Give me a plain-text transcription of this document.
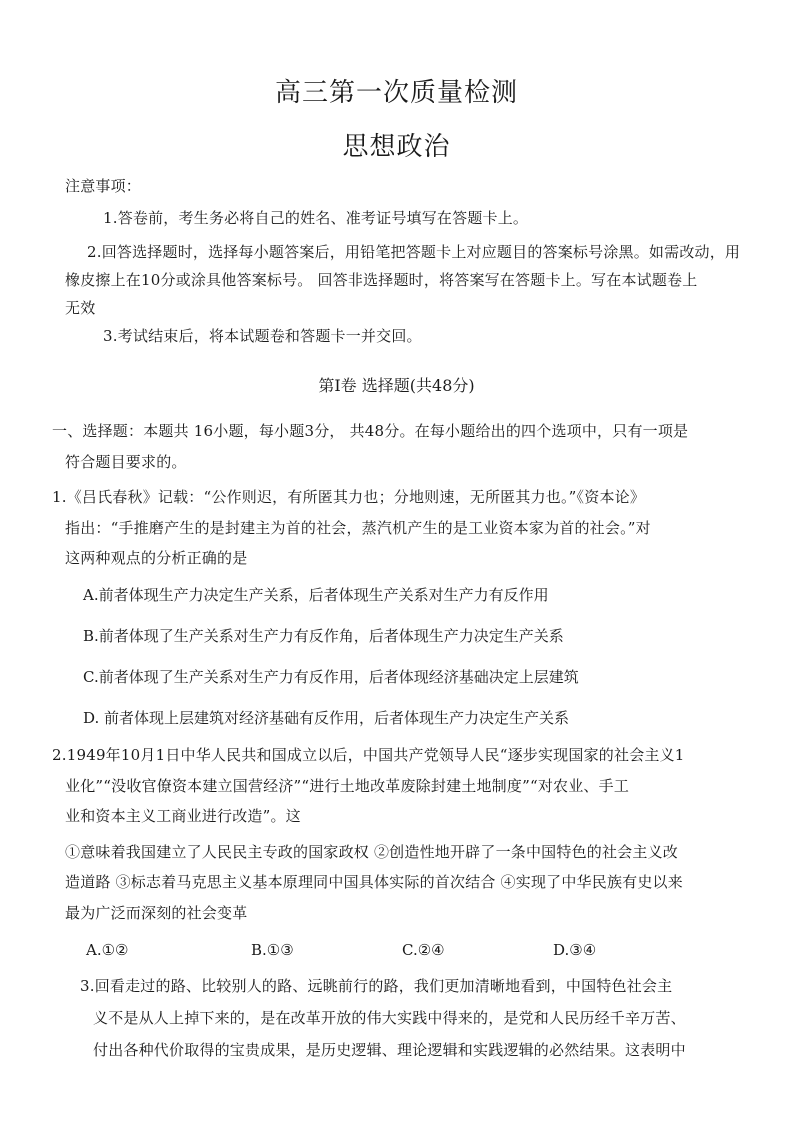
高三第一次质量检测
思想政治
注意事项：
1.答卷前，考生务必将自己的姓名、准考证号填写在答题卡上。
2.回答选择题时，选择每小题答案后，用铅笔把答题卡上对应题目的答案标号涂黑。如需改动，用
橡皮擦上在10分或涂具他答案标号。 回答非选择题时，将答案写在答题卡上。写在本试题卷上
无效
3.考试结束后，将本试题卷和答题卡一并交回。
第Ⅰ卷 选择题(共48分)
一、选择题：本题共 16小题，每小题3分， 共48分。在每小题给出的四个选项中，只有一项是
符合题目要求的。
1.《吕氏春秋》记载：“公作则迟，有所匿其力也；分地则速，无所匿其力也。”《资本论》
指出：“手推磨产生的是封建主为首的社会，蒸汽机产生的是工业资本家为首的社会。”对
这两种观点的分析正确的是
A.前者体现生产力决定生产关系，后者体现生产关系对生产力有反作用
B.前者体现了生产关系对生产力有反作角，后者体现生产力决定生产关系
C.前者体现了生产关系对生产力有反作用，后者体现经济基础决定上层建筑
D. 前者体现上层建筑对经济基础有反作用，后者体现生产力决定生产关系
2.1949年10月1日中华人民共和国成立以后，中国共产党领导人民“逐步实现国家的社会主义1
业化”“没收官僚资本建立国营经济”“进行土地改革废除封建土地制度”“对农业、手工
业和资本主义工商业进行改造”。这
①意味着我国建立了人民民主专政的国家政权 ②创造性地开辟了一条中国特色的社会主义改
造道路 ③标志着马克思主义基本原理同中国具体实际的首次结合 ④实现了中华民族有史以来
最为广泛而深刻的社会变革
A.①②	B.①③	C.②④	D.③④
3.回看走过的路、比较别人的路、远眺前行的路，我们更加清晰地看到，中国特色社会主
义不是从人上掉下来的，是在改革开放的伟大实践中得来的，是党和人民历经千辛万苦、
付出各种代价取得的宝贵成果，是历史逻辑、理论逻辑和实践逻辑的必然结果。这表明中
